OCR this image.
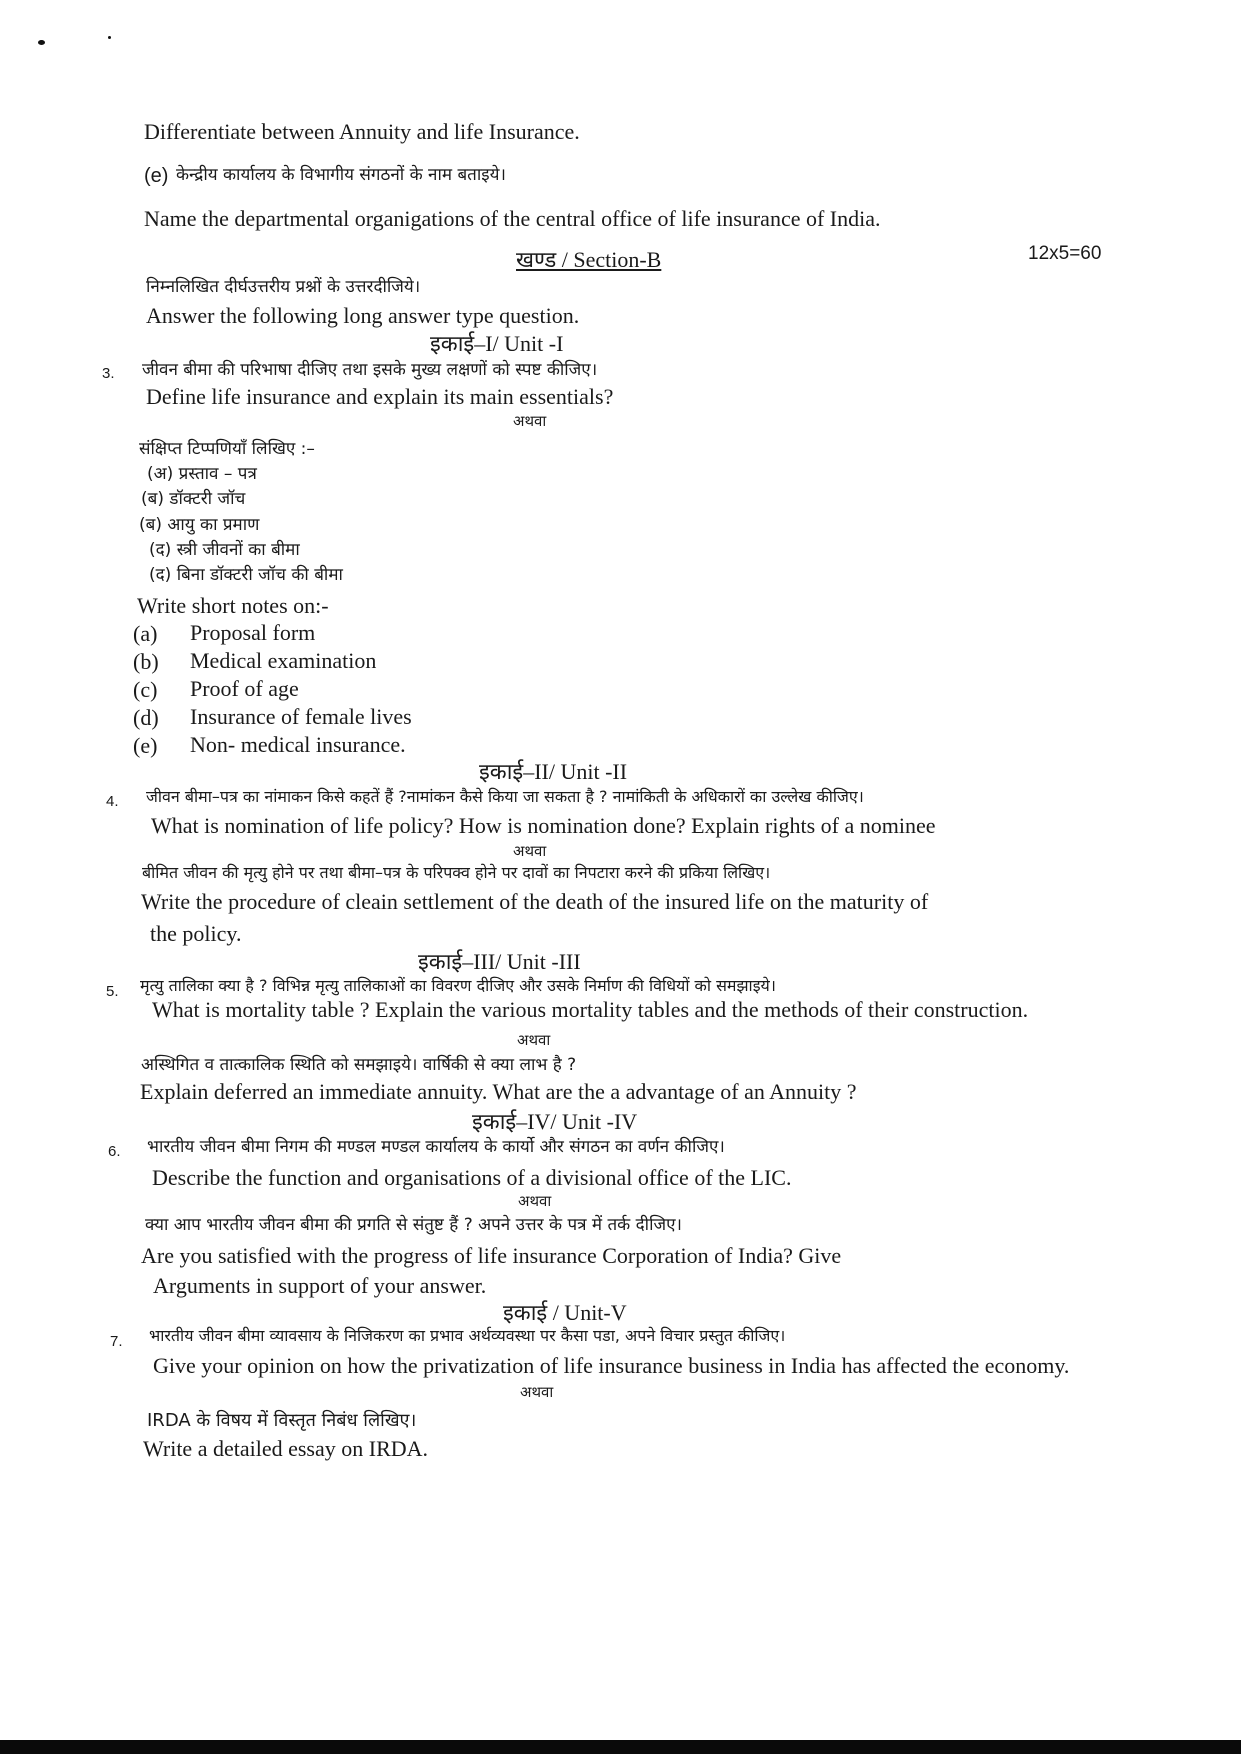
Differentiate between Annuity and life Insurance.
(e) केन्द्रीय कार्यालय के विभागीय संगठनों के नाम बताइये।
Name the departmental organigations of the central office of life insurance of India.
खण्ड / Section-B	12x5=60
निम्नलिखित दीर्घउत्तरीय प्रश्नों के उत्तरदीजिये।
Answer the following long answer type question.
इकाई–I/ Unit -I
3. जीवन बीमा की परिभाषा दीजिए तथा इसके मुख्य लक्षणों को स्पष्ट कीजिए।
Define life insurance and explain its main essentials?
अथवा
संक्षिप्त टिप्पणियॉं लिखिए :–
(अ) प्रस्ताव – पत्र
(ब) डॉक्टरी जॉच
(ब) आयु का प्रमाण
(द) स्त्री जीवनों का बीमा
(द) बिना डॉक्टरी जॉच की बीमा
Write short notes on:-
(a) Proposal form
(b) Medical examination
(c) Proof of age
(d) Insurance of female lives
(e) Non- medical insurance.
इकाई–II/ Unit -II
4. जीवन बीमा–पत्र का नांमाकन किसे कहतें हैं ?नामांकन कैसे किया जा सकता है ? नामांकिती के अधिकारों का उल्लेख कीजिए।
What is nomination of life policy? How is nomination done? Explain rights of a nominee
अथवा
बीमित जीवन की मृत्यु होने पर तथा बीमा–पत्र के परिपक्व होने पर दावों का निपटारा करने की प्रकिया लिखिए।
Write the procedure of cleain settlement of the death of the insured life on the maturity of
the policy.
इकाई–III/ Unit -III
5. मृत्यु तालिका क्या है ? विभिन्न मृत्यु तालिकाओं का विवरण दीजिए और उसके निर्माण की विधियों को समझाइये।
What is mortality table ? Explain the various mortality tables and the methods of their construction.
अथवा
अस्थिगित व तात्कालिक स्थिति को समझाइये। वार्षिकी से क्या लाभ है ?
Explain deferred an immediate annuity. What are the a advantage of an Annuity ?
इकाई–IV/ Unit -IV
6. भारतीय जीवन बीमा निगम की मण्डल मण्डल कार्यालय के कार्यो और संगठन का वर्णन कीजिए।
Describe the function and organisations of a divisional office of the LIC.
अथवा
क्या आप भारतीय जीवन बीमा की प्रगति से संतुष्ट हैं ? अपने उत्तर के पत्र में तर्क दीजिए।
Are you satisfied with the progress of life insurance Corporation of India? Give
Arguments in support of your answer.
इकाई / Unit-V
7. भारतीय जीवन बीमा व्यावसाय के निजिकरण का प्रभाव अर्थव्यवस्था पर कैसा पडा, अपने विचार प्रस्तुत कीजिए।
Give your opinion on how the privatization of life insurance business in India has affected the economy.
अथवा
IRDA के विषय में विस्तृत निबंध लिखिए।
Write a detailed essay on IRDA.
